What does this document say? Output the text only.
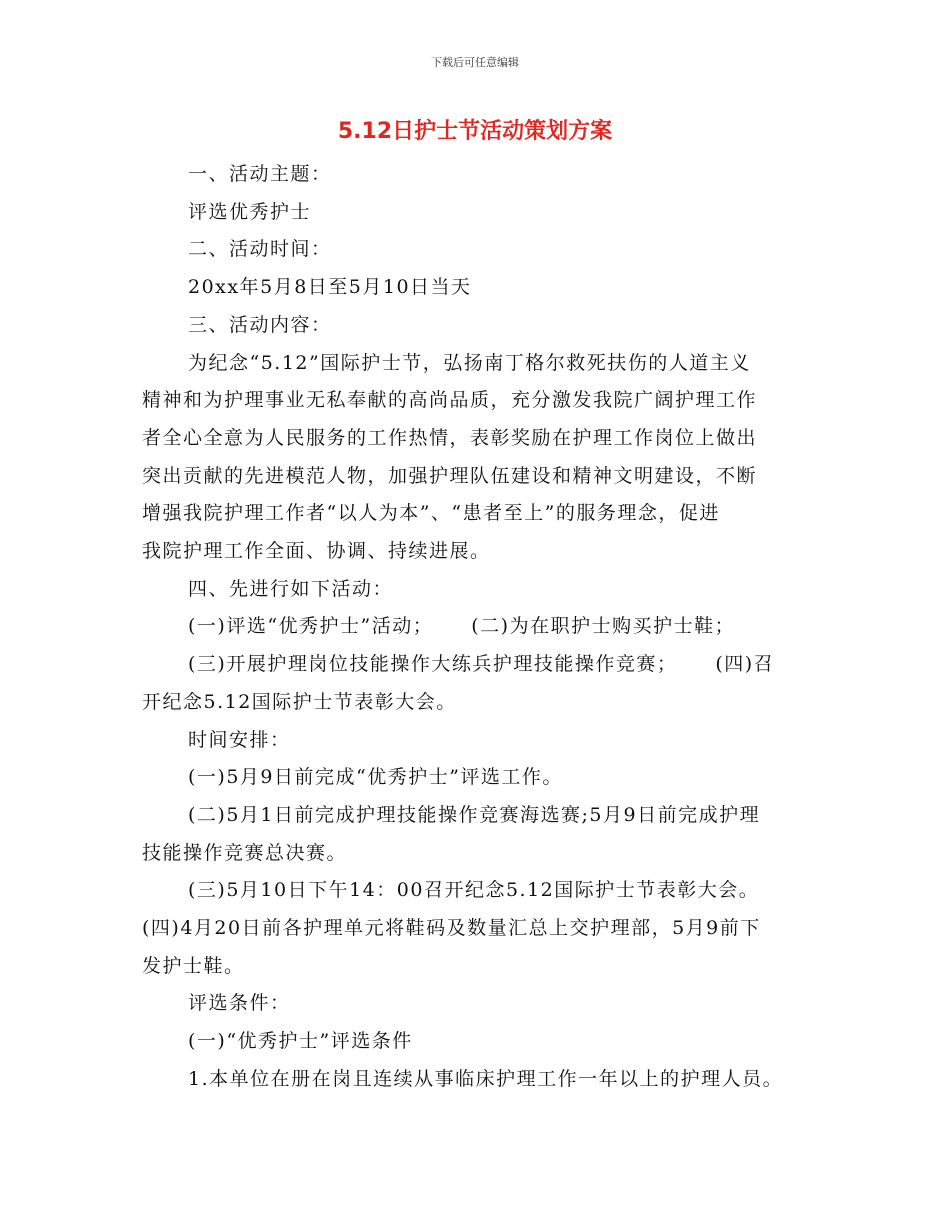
下载后可任意编辑
5.12日护士节活动策划方案

一、活动主题：

评选优秀护士

二、活动时间：

20xx年5月8日至5月10日当天

三、活动内容：

为纪念“5.12”国际护士节，弘扬南丁格尔救死扶伤的人道主义

精神和为护理事业无私奉献的高尚品质，充分激发我院广阔护理工作

者全心全意为人民服务的工作热情，表彰奖励在护理工作岗位上做出

突出贡献的先进模范人物，加强护理队伍建设和精神文明建设，不断

增强我院护理工作者“以人为本”、“患者至上”的服务理念，促进

我院护理工作全面、协调、持续进展。

四、先进行如下活动：

(一)评选“优秀护士”活动； (二)为在职护士购买护士鞋；

(三)开展护理岗位技能操作大练兵护理技能操作竞赛； (四)召

开纪念5.12国际护士节表彰大会。

时间安排：

(一)5月9日前完成“优秀护士”评选工作。

(二)5月1日前完成护理技能操作竞赛海选赛;5月9日前完成护理

技能操作竞赛总决赛。

(三)5月10日下午14：00召开纪念5.12国际护士节表彰大会。

(四)4月20日前各护理单元将鞋码及数量汇总上交护理部，5月9前下

发护士鞋。

评选条件：

(一)“优秀护士”评选条件

1.本单位在册在岗且连续从事临床护理工作一年以上的护理人员。
